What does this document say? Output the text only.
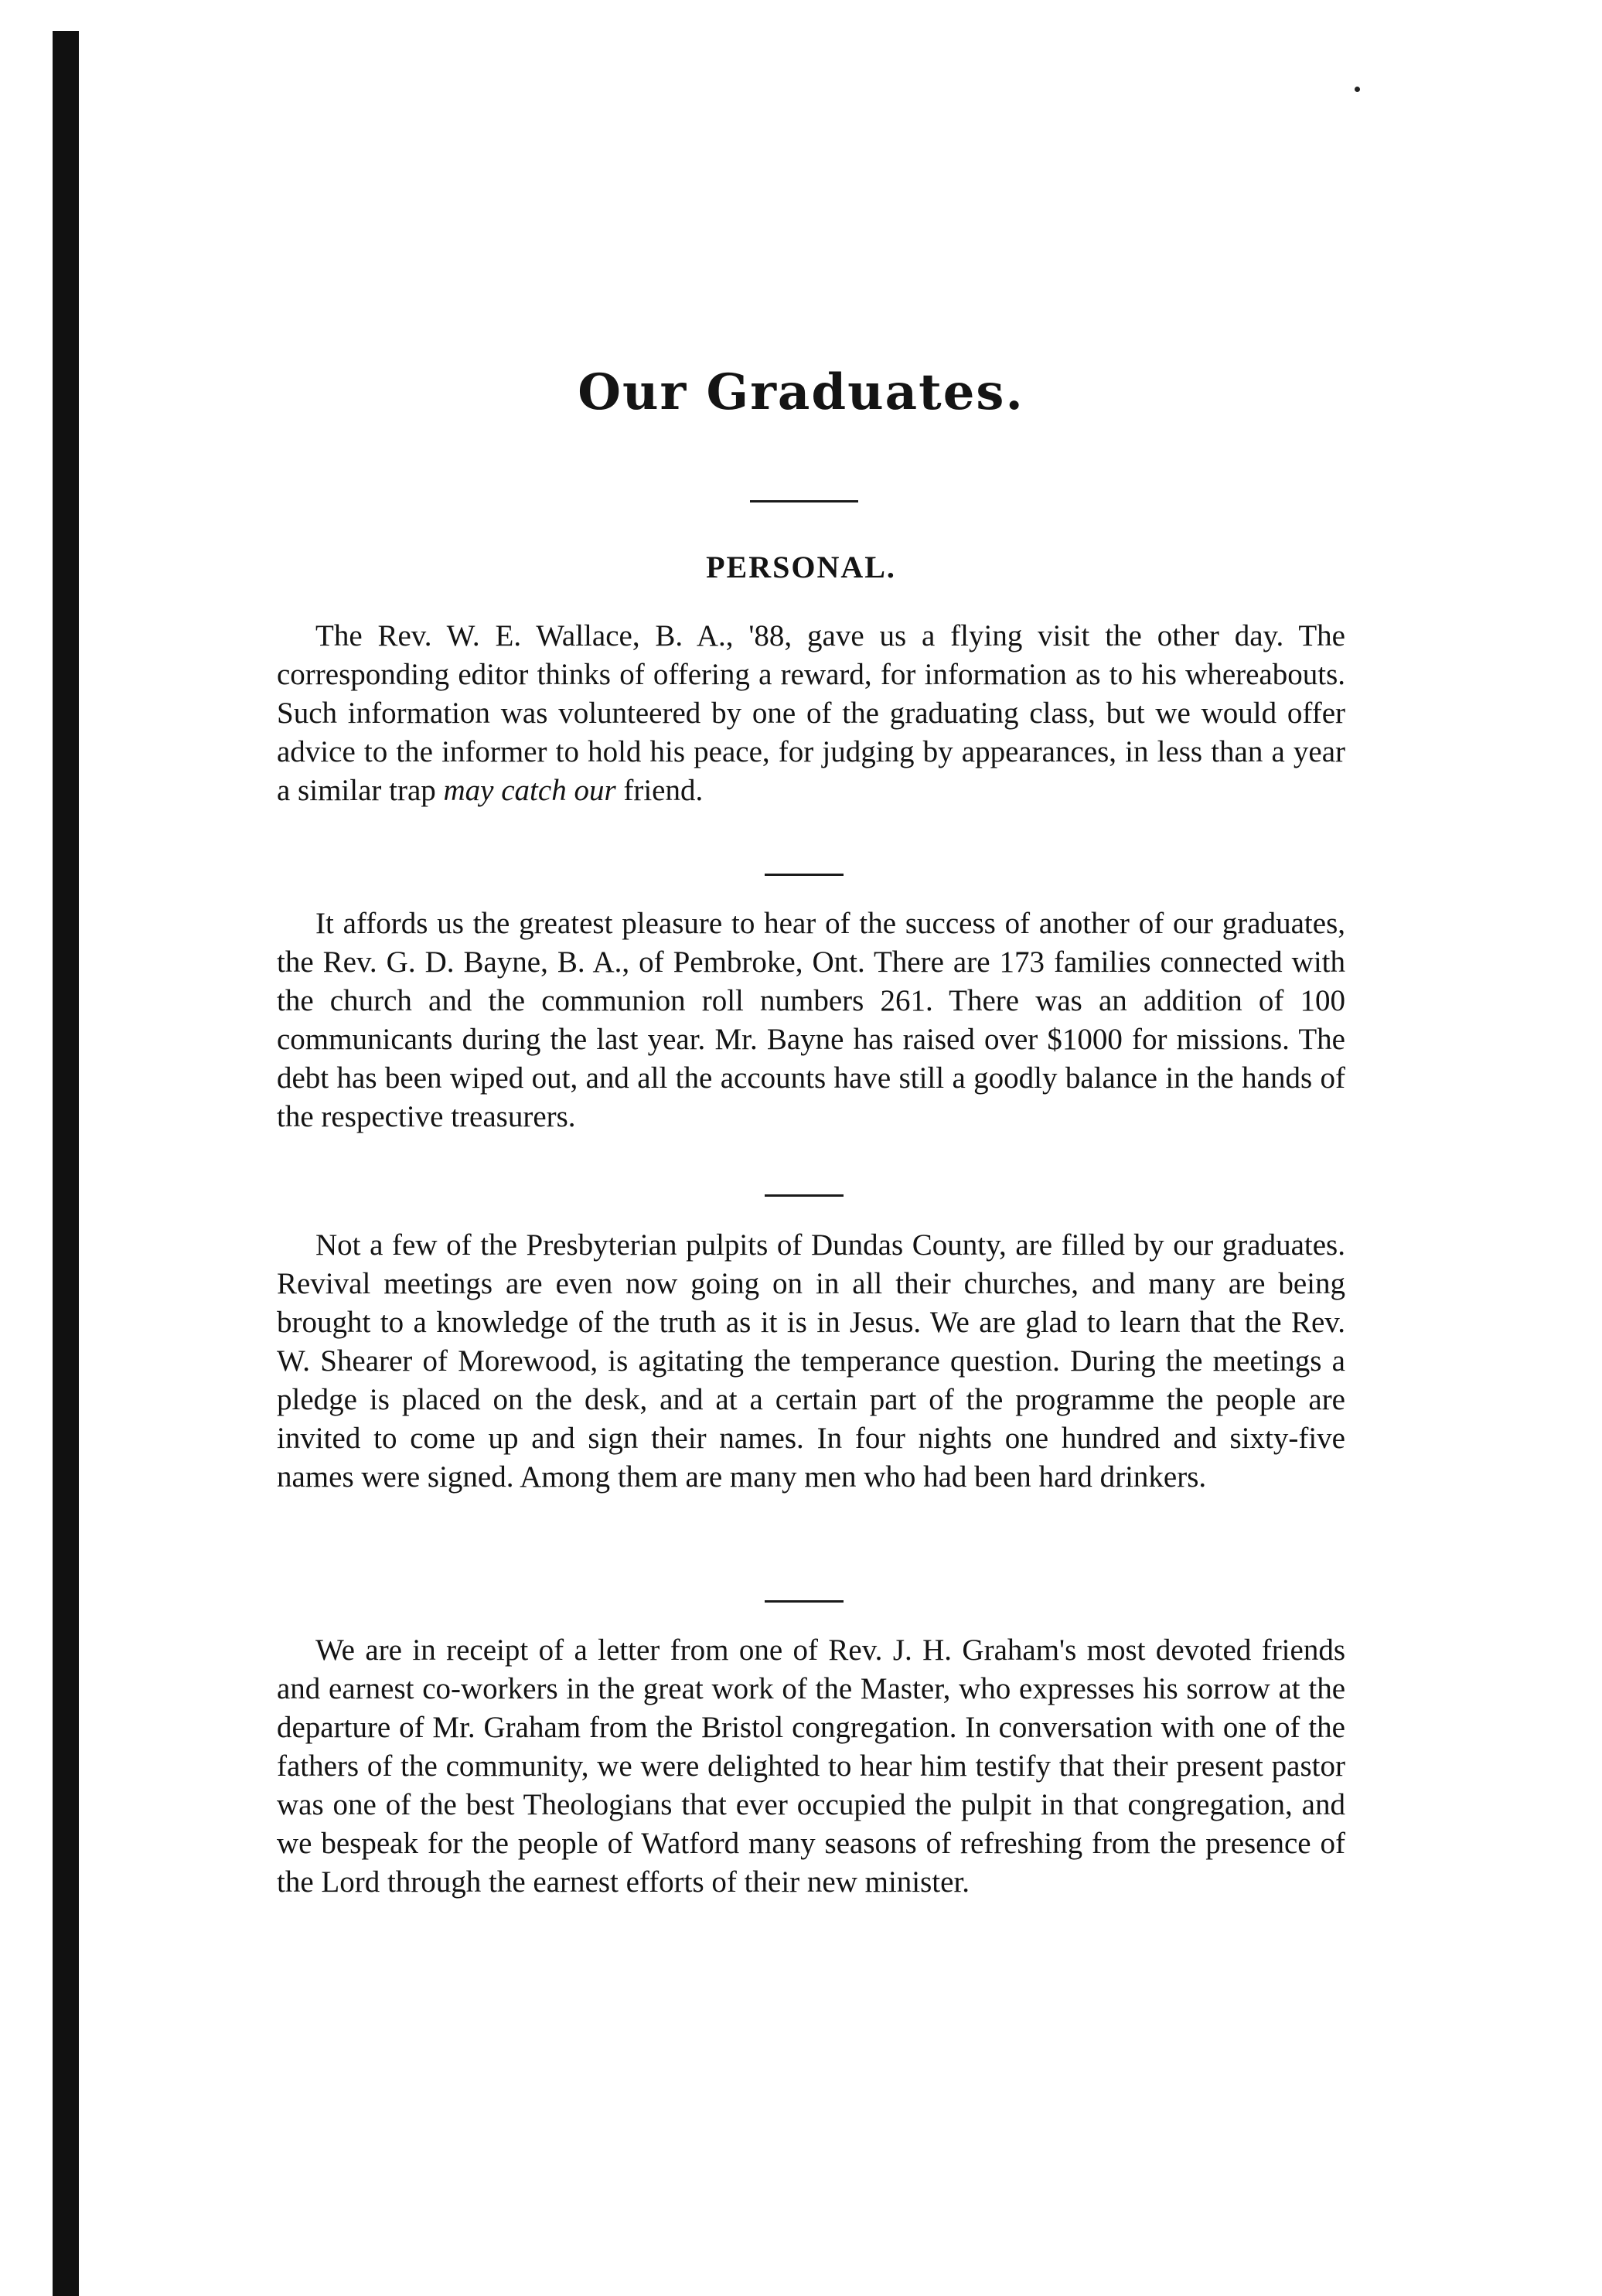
Our Graduates.
PERSONAL.

The Rev. W. E. Wallace, B. A., '88, gave us a flying visit the other day. The corresponding editor thinks of offering a reward, for information as to his whereabouts. Such information was volunteered by one of the graduating class, but we would offer advice to the informer to hold his peace, for judging by appearances, in less than a year a similar trap may catch our friend.

It affords us the greatest pleasure to hear of the success of another of our graduates, the Rev. G. D. Bayne, B. A., of Pembroke, Ont. There are 173 families connected with the church and the communion roll numbers 261. There was an addition of 100 communicants during the last year. Mr. Bayne has raised over $1000 for missions. The debt has been wiped out, and all the accounts have still a goodly balance in the hands of the respective treasurers.

Not a few of the Presbyterian pulpits of Dundas County, are filled by our graduates. Revival meetings are even now going on in all their churches, and many are being brought to a knowledge of the truth as it is in Jesus. We are glad to learn that the Rev. W. Shearer of Morewood, is agitating the temperance question. During the meetings a pledge is placed on the desk, and at a certain part of the programme the people are invited to come up and sign their names. In four nights one hundred and sixty-five names were signed. Among them are many men who had been hard drinkers.

We are in receipt of a letter from one of Rev. J. H. Graham's most devoted friends and earnest co-workers in the great work of the Master, who expresses his sorrow at the departure of Mr. Graham from the Bristol congregation. In conversation with one of the fathers of the community, we were delighted to hear him testify that their present pastor was one of the best Theologians that ever occupied the pulpit in that congregation, and we bespeak for the people of Watford many seasons of refreshing from the presence of the Lord through the earnest efforts of their new minister.
